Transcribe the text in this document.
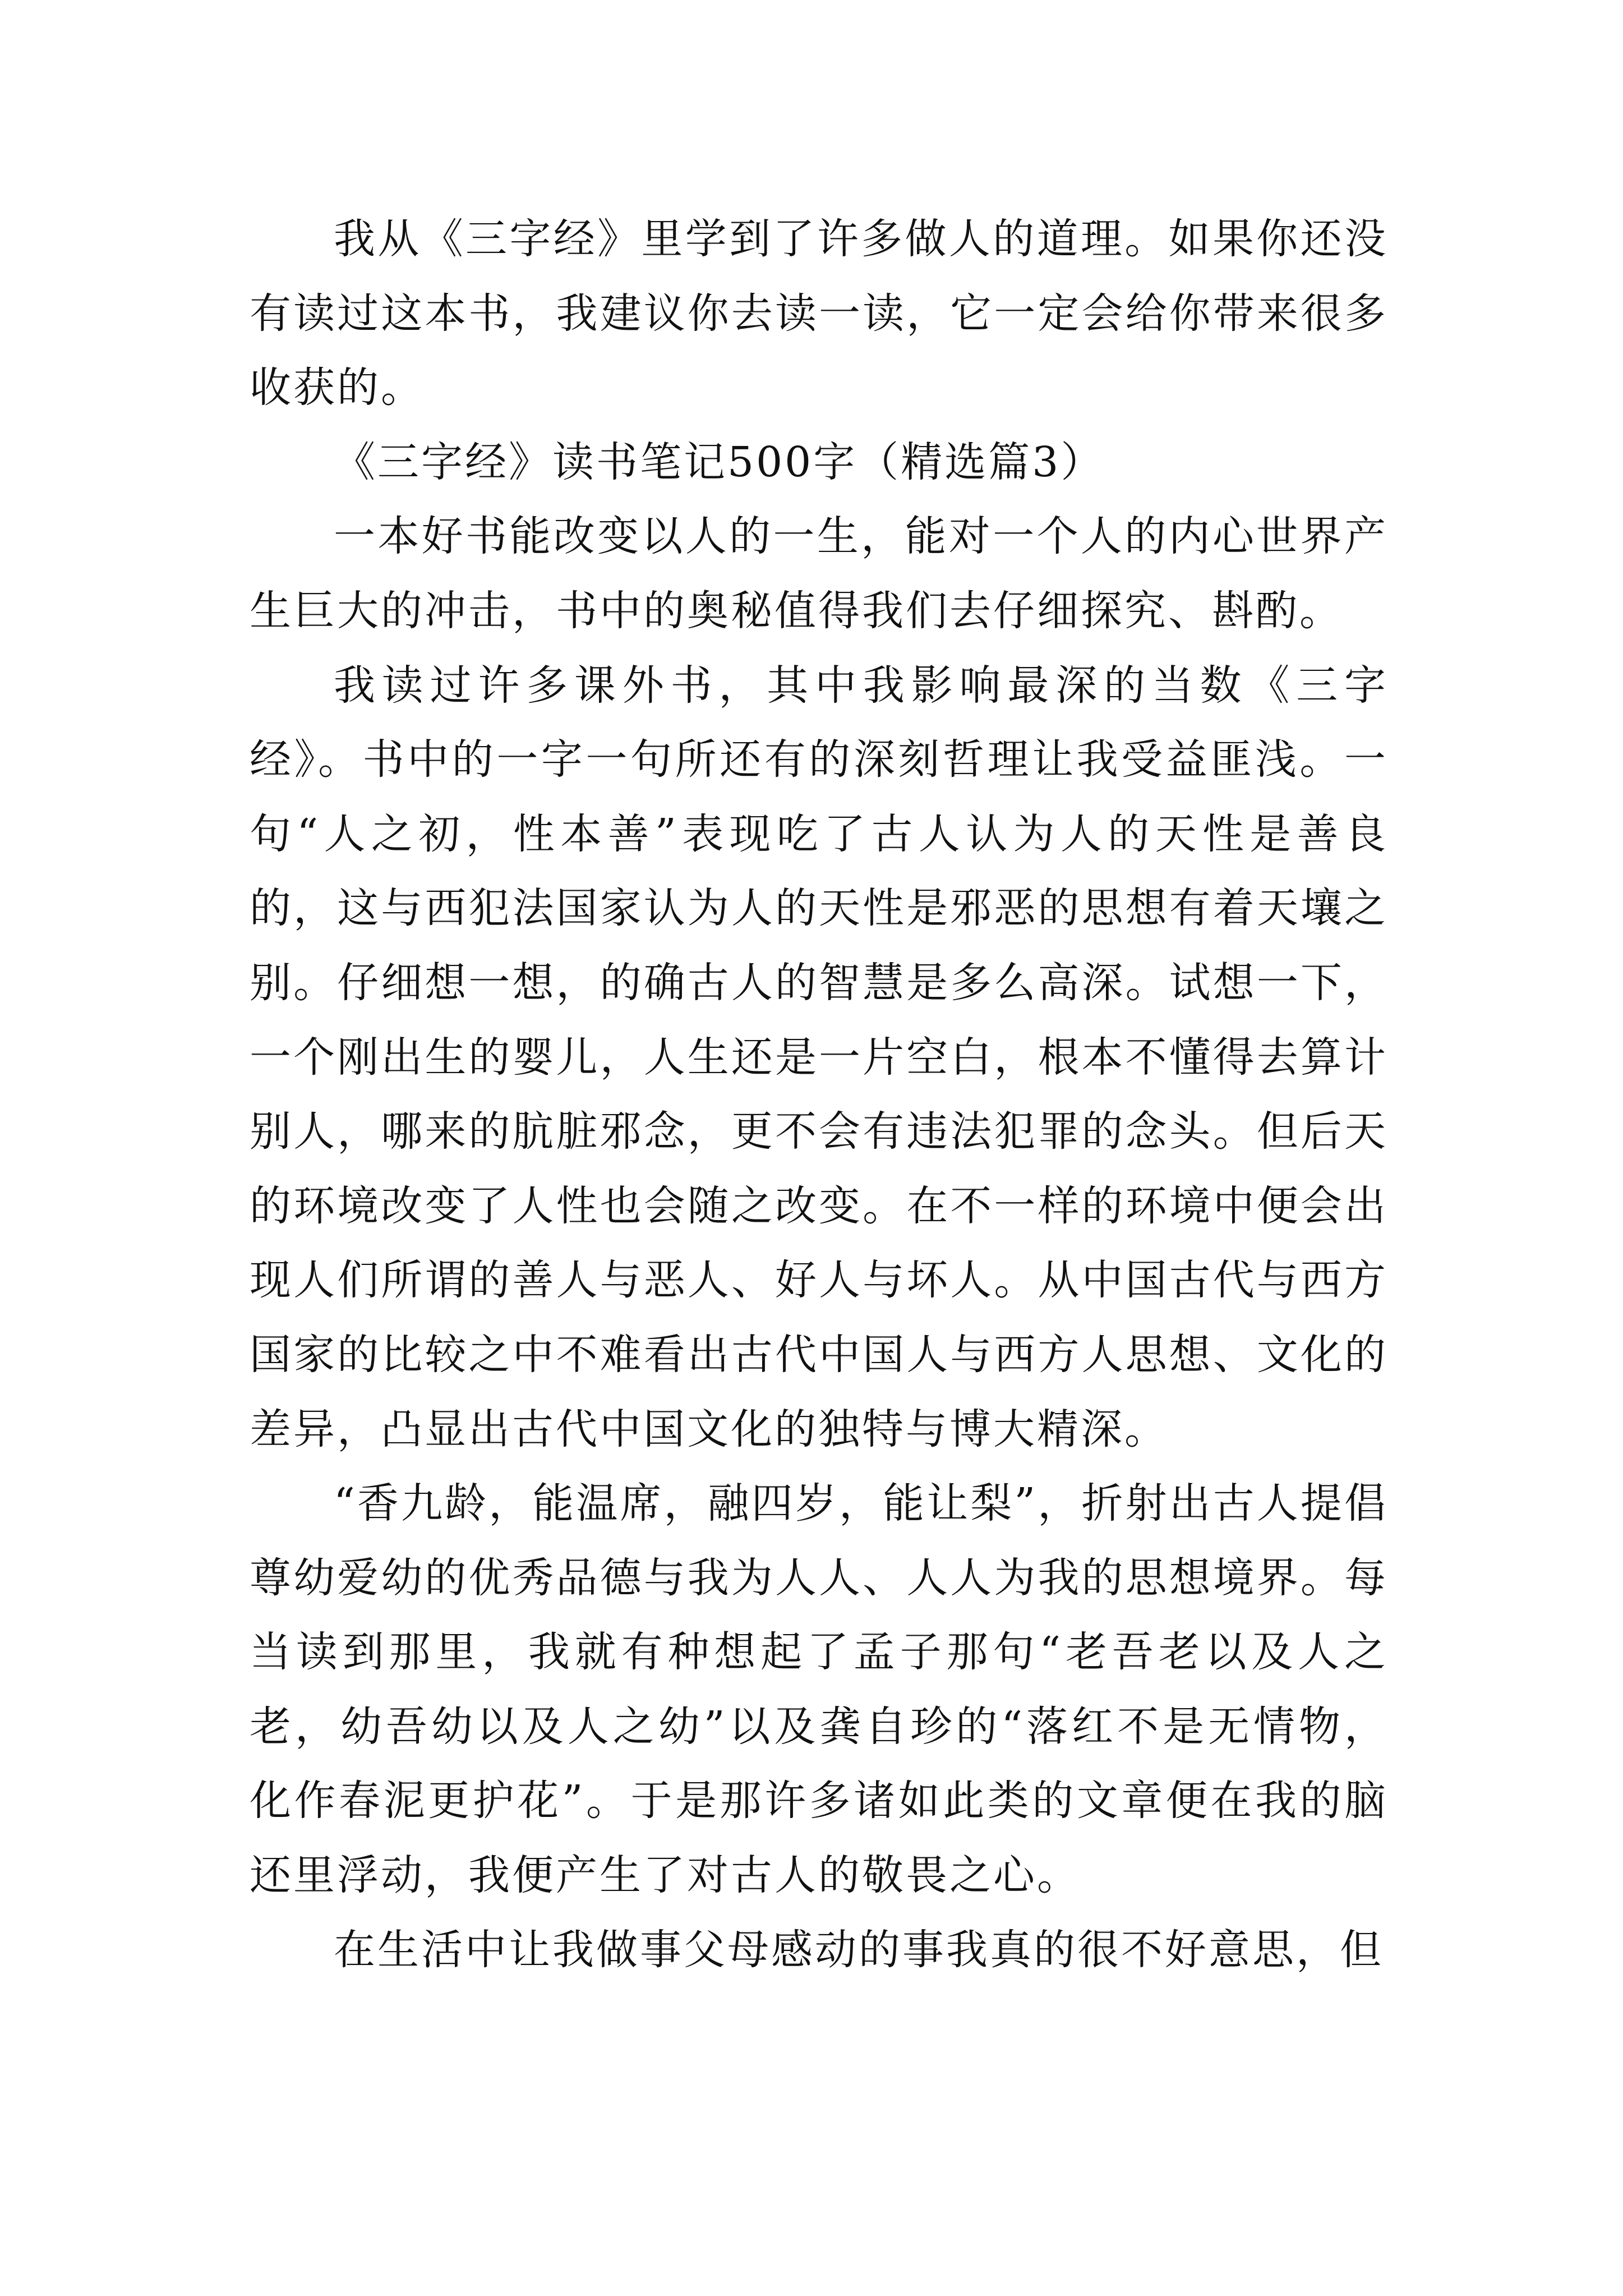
我从《三字经》里学到了许多做人的道理。如果你还没有读过这本书，我建议你去读一读，它一定会给你带来很多收获的。

《三字经》读书笔记500字（精选篇3）

一本好书能改变以人的一生，能对一个人的内心世界产生巨大的冲击，书中的奥秘值得我们去仔细探究、斟酌。

我读过许多课外书，其中我影响最深的当数《三字经》。书中的一字一句所还有的深刻哲理让我受益匪浅。一句“人之初，性本善”表现吃了古人认为人的天性是善良的，这与西犯法国家认为人的天性是邪恶的思想有着天壤之别。仔细想一想，的确古人的智慧是多么高深。试想一下，一个刚出生的婴儿，人生还是一片空白，根本不懂得去算计别人，哪来的肮脏邪念，更不会有违法犯罪的念头。但后天的环境改变了人性也会随之改变。在不一样的环境中便会出现人们所谓的善人与恶人、好人与坏人。从中国古代与西方国家的比较之中不难看出古代中国人与西方人思想、文化的差异，凸显出古代中国文化的独特与博大精深。

“香九龄，能温席，融四岁，能让梨”，折射出古人提倡尊幼爱幼的优秀品德与我为人人、人人为我的思想境界。每当读到那里，我就有种想起了孟子那句“老吾老以及人之老，幼吾幼以及人之幼”以及龚自珍的“落红不是无情物，化作春泥更护花”。于是那许多诸如此类的文章便在我的脑还里浮动，我便产生了对古人的敬畏之心。

在生活中让我做事父母感动的事我真的很不好意思，但
